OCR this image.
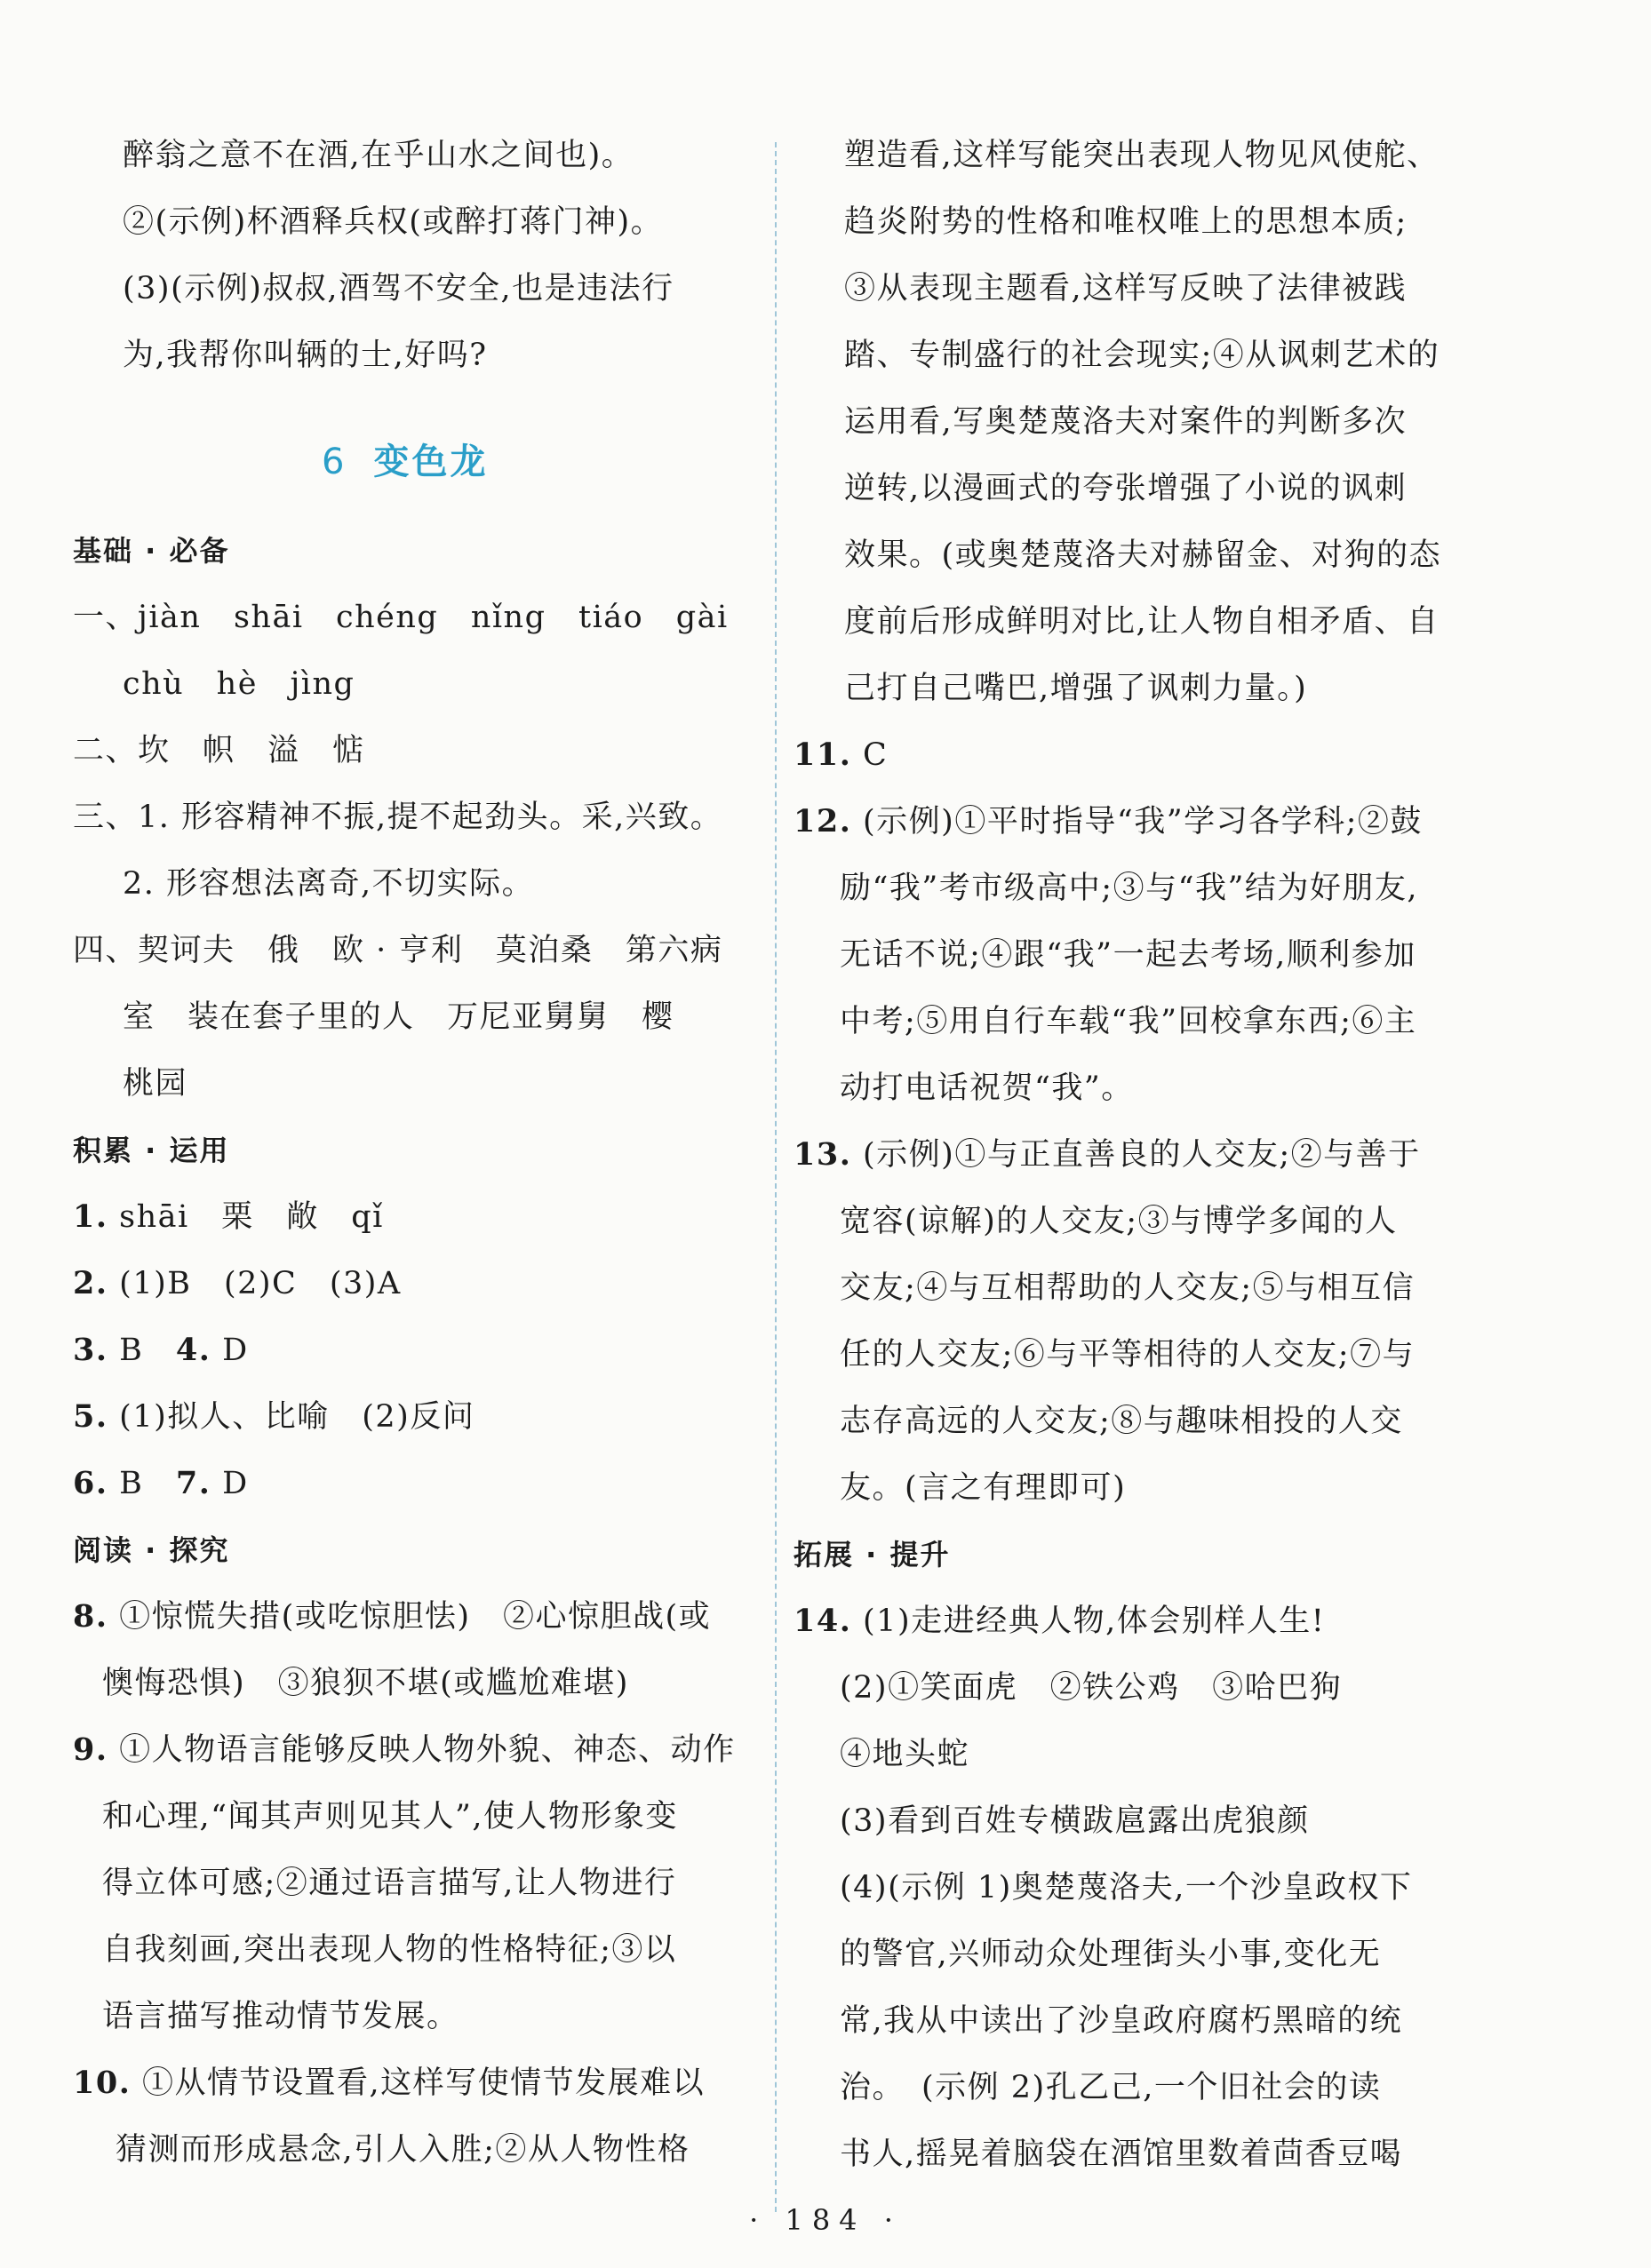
醉翁之意不在酒,在乎山水之间也)。
②(示例)杯酒释兵权(或醉打蒋门神)。
(3)(示例)叔叔,酒驾不安全,也是违法行
为,我帮你叫辆的士,好吗?
6 变色龙
基础 · 必备
一、jiàn　shāi　chéng　nǐng　tiáo　gài
chù　hè　jìng
二、坎　帜　溢　惦
三、1. 形容精神不振,提不起劲头。采,兴致。
2. 形容想法离奇,不切实际。
四、契诃夫　俄　欧 · 亨利　莫泊桑　第六病
室　装在套子里的人　万尼亚舅舅　樱
桃园
积累 · 运用
1. shāi　栗　敞　qǐ
2. (1)B　(2)C　(3)A
3. B　4. D
5. (1)拟人、比喻　(2)反问
6. B　7. D
阅读 · 探究
8. ①惊慌失措(或吃惊胆怯)　②心惊胆战(或
懊悔恐惧)　③狼狈不堪(或尴尬难堪)
9. ①人物语言能够反映人物外貌、神态、动作
和心理,“闻其声则见其人”,使人物形象变
得立体可感;②通过语言描写,让人物进行
自我刻画,突出表现人物的性格特征;③以
语言描写推动情节发展。
10. ①从情节设置看,这样写使情节发展难以
猜测而形成悬念,引人入胜;②从人物性格
塑造看,这样写能突出表现人物见风使舵、
趋炎附势的性格和唯权唯上的思想本质;
③从表现主题看,这样写反映了法律被践
踏、专制盛行的社会现实;④从讽刺艺术的
运用看,写奥楚蔑洛夫对案件的判断多次
逆转,以漫画式的夸张增强了小说的讽刺
效果。(或奥楚蔑洛夫对赫留金、对狗的态
度前后形成鲜明对比,让人物自相矛盾、自
己打自己嘴巴,增强了讽刺力量。)
11. C
12. (示例)①平时指导“我”学习各学科;②鼓
励“我”考市级高中;③与“我”结为好朋友,
无话不说;④跟“我”一起去考场,顺利参加
中考;⑤用自行车载“我”回校拿东西;⑥主
动打电话祝贺“我”。
13. (示例)①与正直善良的人交友;②与善于
宽容(谅解)的人交友;③与博学多闻的人
交友;④与互相帮助的人交友;⑤与相互信
任的人交友;⑥与平等相待的人交友;⑦与
志存高远的人交友;⑧与趣味相投的人交
友。(言之有理即可)
拓展 · 提升
14. (1)走进经典人物,体会别样人生!
(2)①笑面虎　②铁公鸡　③哈巴狗
④地头蛇
(3)看到百姓专横跋扈露出虎狼颜
(4)(示例 1)奥楚蔑洛夫,一个沙皇政权下
的警官,兴师动众处理街头小事,变化无
常,我从中读出了沙皇政府腐朽黑暗的统
治。　(示例 2)孔乙己,一个旧社会的读
书人,摇晃着脑袋在酒馆里数着茴香豆喝
· 184 ·
